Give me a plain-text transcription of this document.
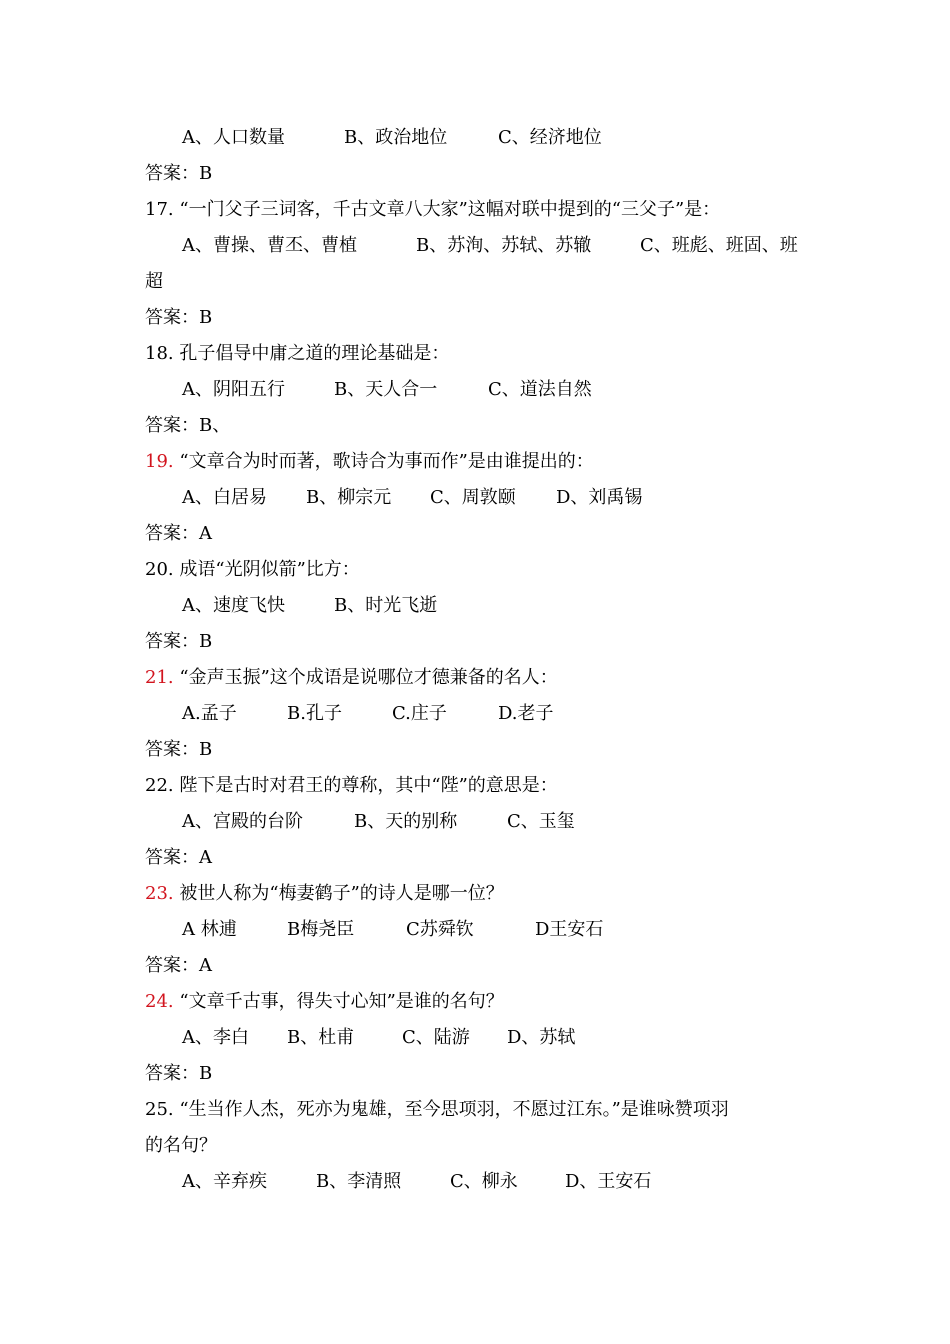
A、人口数量	B、政治地位	C、经济地位
答案：B
17. “一门父子三词客，千古文章八大家”这幅对联中提到的“三父子”是：
A、曹操、曹丕、曹植	B、苏洵、苏轼、苏辙	C、班彪、班固、班
超
答案：B
18. 孔子倡导中庸之道的理论基础是：
A、阴阳五行	B、天人合一	C、道法自然
答案：B、
19. “文章合为时而著，歌诗合为事而作”是由谁提出的：
A、白居易 B、柳宗元 C、周敦颐 D、刘禹锡
答案：A
20. 成语“光阴似箭”比方：
A、速度飞快	B、时光飞逝
答案：B
21. “金声玉振”这个成语是说哪位才德兼备的名人：
A.孟子	B.孔子	C.庄子	D.老子
答案：B
22. 陛下是古时对君王的尊称，其中“陛”的意思是：
A、宫殿的台阶	B、天的别称	C、玉玺
答案：A
23. 被世人称为“梅妻鹤子”的诗人是哪一位？
A 林逋	B梅尧臣	C苏舜钦	D王安石
答案：A
24. “文章千古事，得失寸心知”是谁的名句？
A、李白 B、杜甫	C、陆游 D、苏轼
答案：B
25. “生当作人杰，死亦为鬼雄，至今思项羽，不愿过江东。”是谁咏赞项羽
的名句？
A、辛弃疾	B、李清照	C、柳永	D、王安石
